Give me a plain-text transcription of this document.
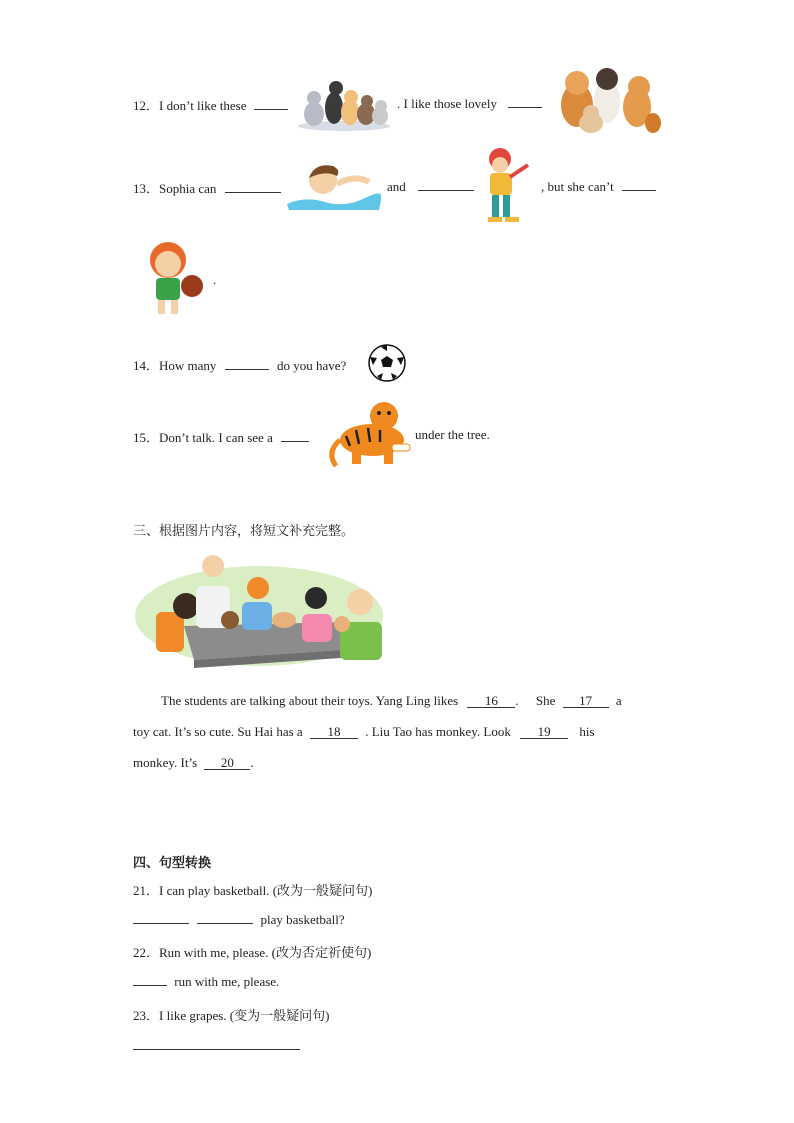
12．I don’t like these	. I like those lovely
13．Sophia can	and	, but she can’t
.
14．How many	do you have?
15．Don’t talk. I can see a	under the tree.
三、根据图片内容，将短文补充完整。
The students are talking about their toys. Yang Ling likes 16 . She 17 a
toy cat. It’s so cute. Su Hai has a 18 . Liu Tao has monkey. Look 19 his
monkey. It’s 20 .
四、句型转换
21．I can play basketball. (改为一般疑问句)
play basketball?
22．Run with me, please. (改为否定祈使句)
run with me, please.
23．I like grapes. (变为一般疑问句)
